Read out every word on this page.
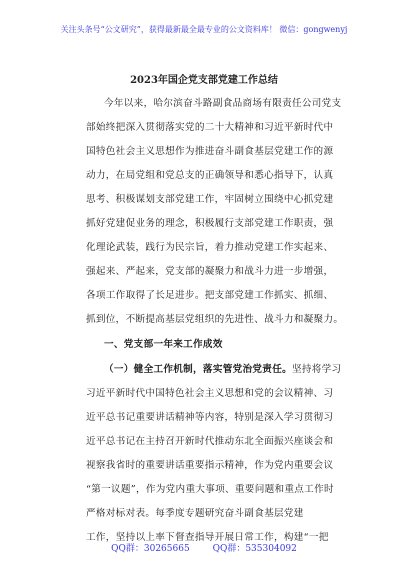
关注头条号“公文研究”，获得最新最全最专业的公文资料库！ 微信：gongwenyj
2023年国企党支部党建工作总结
今年以来，哈尔滨奋斗路副食品商场有限责任公司党支
部始终把深入贯彻落实党的二十大精神和习近平新时代中
国特色社会主义思想作为推进奋斗副食基层党建工作的源
动力，在局党组和党总支的正确领导和悉心指导下，认真
思考、积极谋划支部党建工作，牢固树立围绕中心抓党建
抓好党建促业务的理念，积极履行支部党建工作职责，强
化理论武装，践行为民宗旨，着力推动党建工作实起来、
强起来、严起来，党支部的凝聚力和战斗力进一步增强，
各项工作取得了长足进步。把支部党建工作抓实、抓细、
抓到位，不断提高基层党组织的先进性、战斗力和凝聚力。
一、党支部一年来工作成效
（一）健全工作机制，落实管党治党责任。坚持将学习
习近平新时代中国特色社会主义思想和党的会议精神、习
近平总书记重要讲话精神等内容，特别是深入学习贯彻习
近平总书记在主持召开新时代推动东北全面振兴座谈会和
视察我省时的重要讲话重要指示精神，作为党内重要会议
“第一议题”，作为党内重大事项、重要问题和重点工作时
严格对标对表。每季度专题研究奋斗副食基层党建
工作，坚持以上率下督查指导开展日常工作，构建“一把
QQ群：30265665	QQ群：535304092
